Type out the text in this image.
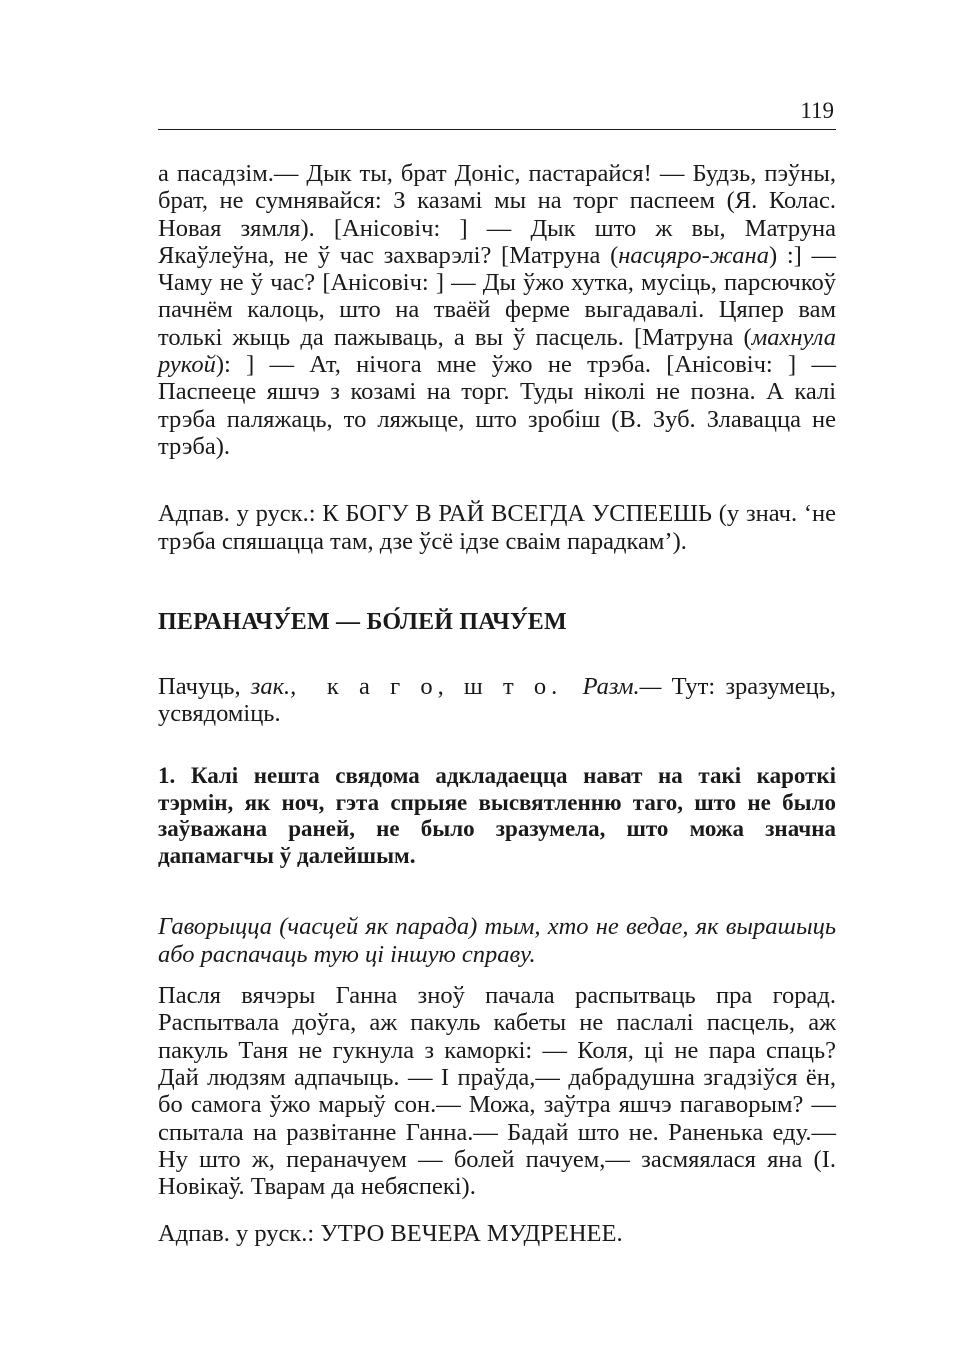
119

а пасадзім.— Дык ты, брат Доніс, пастарайся! — Будзь, пэўны, брат, не сумнявайся: З казамі мы на торг паспеем (Я. Колас. Новая зямля). [Анісовіч: ] — Дык што ж вы, Матруна Якаўлеўна, не ў час захварэлі? [Матруна (насцяро-жана) :] — Чаму не ў час? [Анісовіч: ] — Ды ўжо хутка, мусіць, парсючкоў пачнём калоць, што на тваёй ферме выгадавалі. Цяпер вам толькі жыць да пажываць, а вы ў пасцель. [Матруна (махнула рукой): ] — Ат, нічога мне ўжо не трэба. [Анісовіч: ] — Паспееце яшчэ з козамі на торг. Туды ніколі не позна. А калі трэба паляжаць, то ляжыце, што зробіш (В. Зуб. Злавацца не трэба).

Адпав. у руск.: К БОГУ В РАЙ ВСЕГДА УСПЕЕШЬ (у знач. ‘не трэба спяшацца там, дзе ўсё ідзе сваім парадкам’).

ПЕРАНАЧУ́ЕМ — БО́ЛЕЙ ПАЧУ́ЕМ

Пачуць, зак., к а г о, ш т о. Разм.— Тут: зразумець, усвядоміць.

1. Калі нешта свядома адкладаецца нават на такі кароткі тэрмін, як ноч, гэта спрыяе высвятленню таго, што не было заўважана раней, не было зразумела, што можа значна дапамагчы ў далейшым.

Гаворыцца (часцей як парада) тым, хто не ведае, як вырашыць або распачаць тую ці іншую справу.

Пасля вячэры Ганна зноў пачала распытваць пра горад. Распытвала доўга, аж пакуль кабеты не паслалі пасцель, аж пакуль Таня не гукнула з каморкі: — Коля, ці не пара спаць? Дай людзям адпачыць. — І праўда,— дабрадушна згадзіўся ён, бо самога ўжо марыў сон.— Можа, заўтра яшчэ пагаворым? — спытала на развітанне Ганна.— Бадай што не. Раненька еду.— Ну што ж, пераначуем — болей пачуем,— засмяялася яна (І. Новікаў. Тварам да небяспекі).

Адпав. у руск.: УТРО ВЕЧЕРА МУДРЕНЕЕ.
